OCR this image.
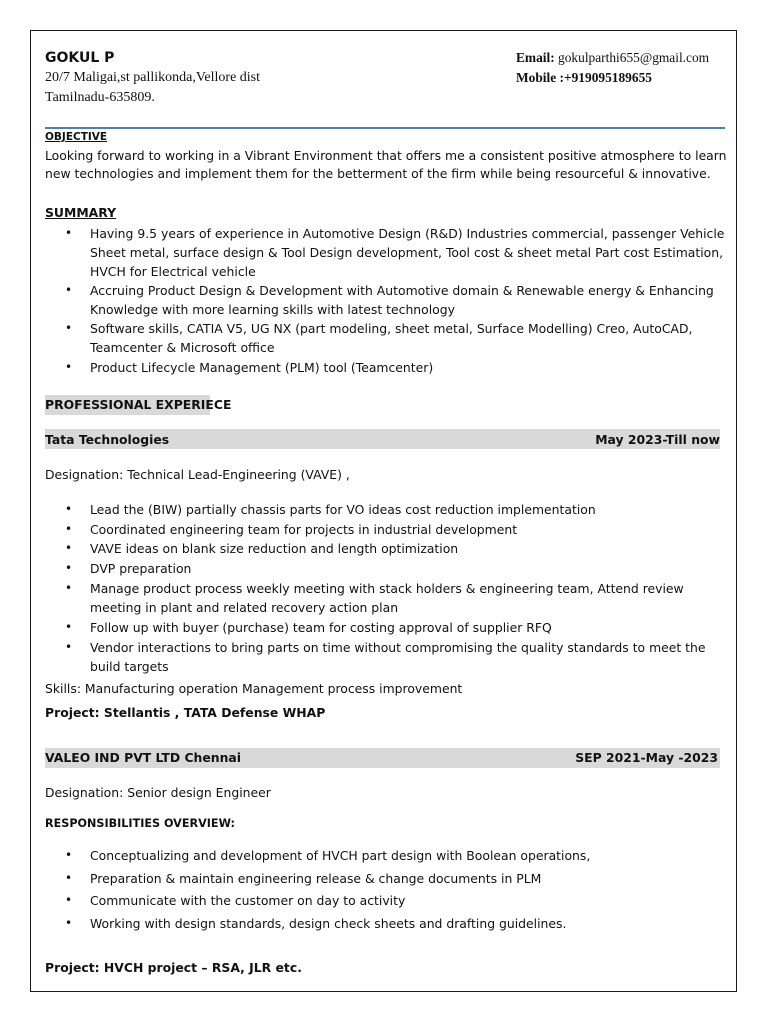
GOKUL P
20/7 Maligai,st pallikonda,Vellore dist
Tamilnadu-635809.
Email: gokulparthi655@gmail.com
Mobile :+919095189655
OBJECTIVE
Looking forward to working in a Vibrant Environment that offers me a consistent positive atmosphere to learn
new technologies and implement them for the betterment of the firm while being resourceful & innovative.
SUMMARY
• Having 9.5 years of experience in Automotive Design (R&D) Industries commercial, passenger Vehicle
Sheet metal, surface design & Tool Design development, Tool cost & sheet metal Part cost Estimation,
HVCH for Electrical vehicle
• Accruing Product Design & Development with Automotive domain & Renewable energy & Enhancing
Knowledge with more learning skills with latest technology
• Software skills, CATIA V5, UG NX (part modeling, sheet metal, Surface Modelling) Creo, AutoCAD,
Teamcenter & Microsoft office
• Product Lifecycle Management (PLM) tool (Teamcenter)
PROFESSIONAL EXPERIECE
Tata Technologies	May 2023-Till now
Designation: Technical Lead-Engineering (VAVE) ,
• Lead the (BIW) partially chassis parts for VO ideas cost reduction implementation
• Coordinated engineering team for projects in industrial development
• VAVE ideas on blank size reduction and length optimization
• DVP preparation
• Manage product process weekly meeting with stack holders & engineering team, Attend review
meeting in plant and related recovery action plan
• Follow up with buyer (purchase) team for costing approval of supplier RFQ
• Vendor interactions to bring parts on time without compromising the quality standards to meet the
build targets
Skills: Manufacturing operation Management process improvement
Project: Stellantis , TATA Defense WHAP
VALEO IND PVT LTD Chennai	SEP 2021-May -2023
Designation: Senior design Engineer
RESPONSIBILITIES OVERVIEW:
• Conceptualizing and development of HVCH part design with Boolean operations,
• Preparation & maintain engineering release & change documents in PLM
• Communicate with the customer on day to activity
• Working with design standards, design check sheets and drafting guidelines.
Project: HVCH project – RSA, JLR etc.
